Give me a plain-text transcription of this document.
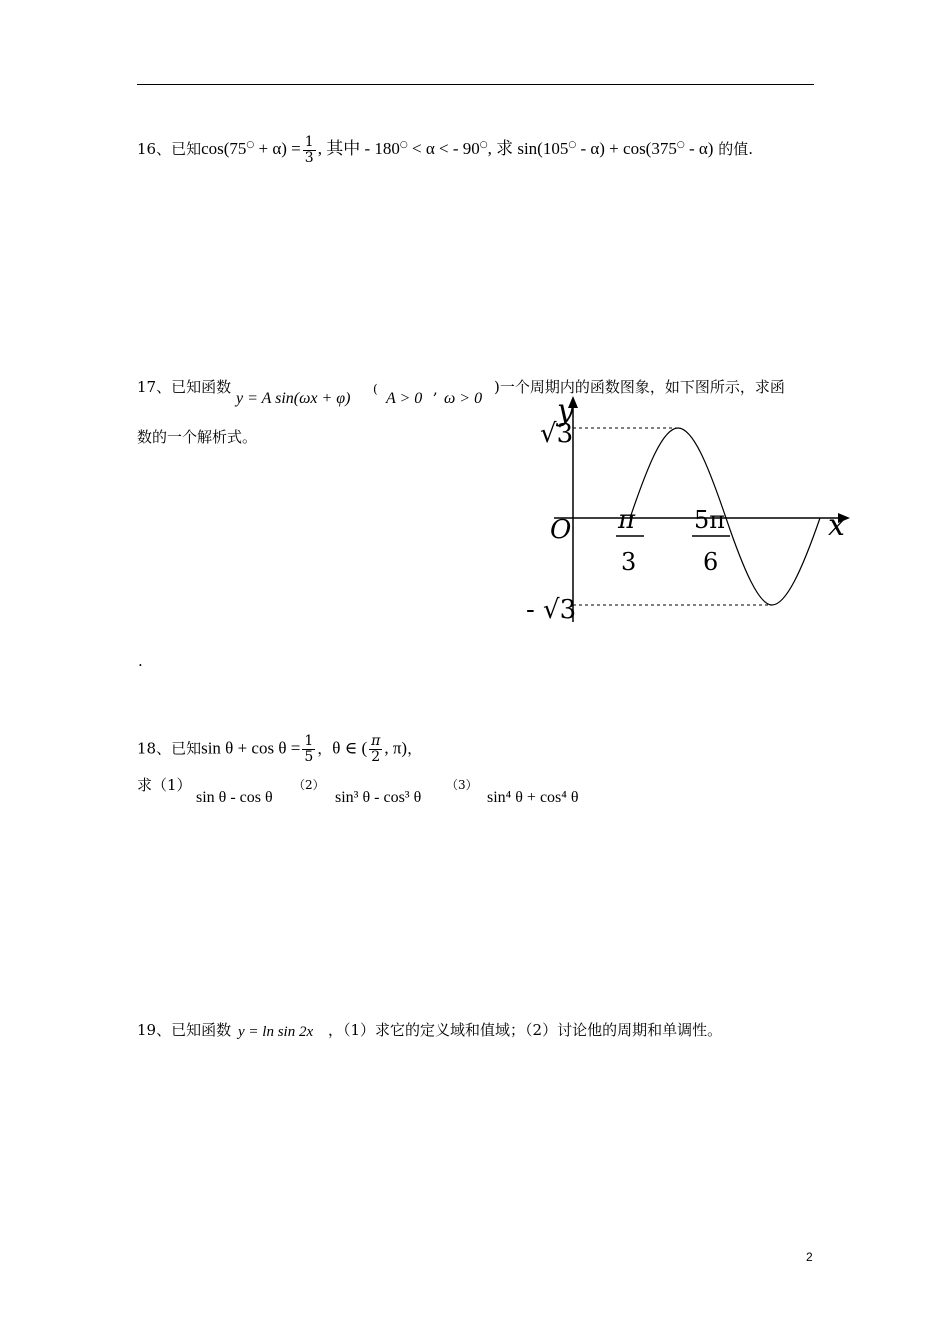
16、已知$\cos(75^○ + \alpha) = \frac{1}{3}$ , 其中 - 180○ < α < - 90○, 求 sin(105○ - α) + cos(375○ - α) 的值.
17、已知函数
y = A sin(ωx + φ)
(
A > 0
,
ω > 0
)一个周期内的函数图象，如下图所示，求函
数的一个解析式。
y
x
O
√3
- √3
π
3
5π
6
.
18、已知$\sin \theta + \cos \theta = \frac{1}{5}$ ，θ ∈ ( $\frac{\pi}{2}$ , π)，
求（1）
sin θ - cos θ
（2）
sin³ θ - cos³ θ
（3）
sin⁴ θ + cos⁴ θ
19、已知函数 y = ln sin 2x ，（1）求它的定义域和值域；（2）讨论他的周期和单调性。
2
